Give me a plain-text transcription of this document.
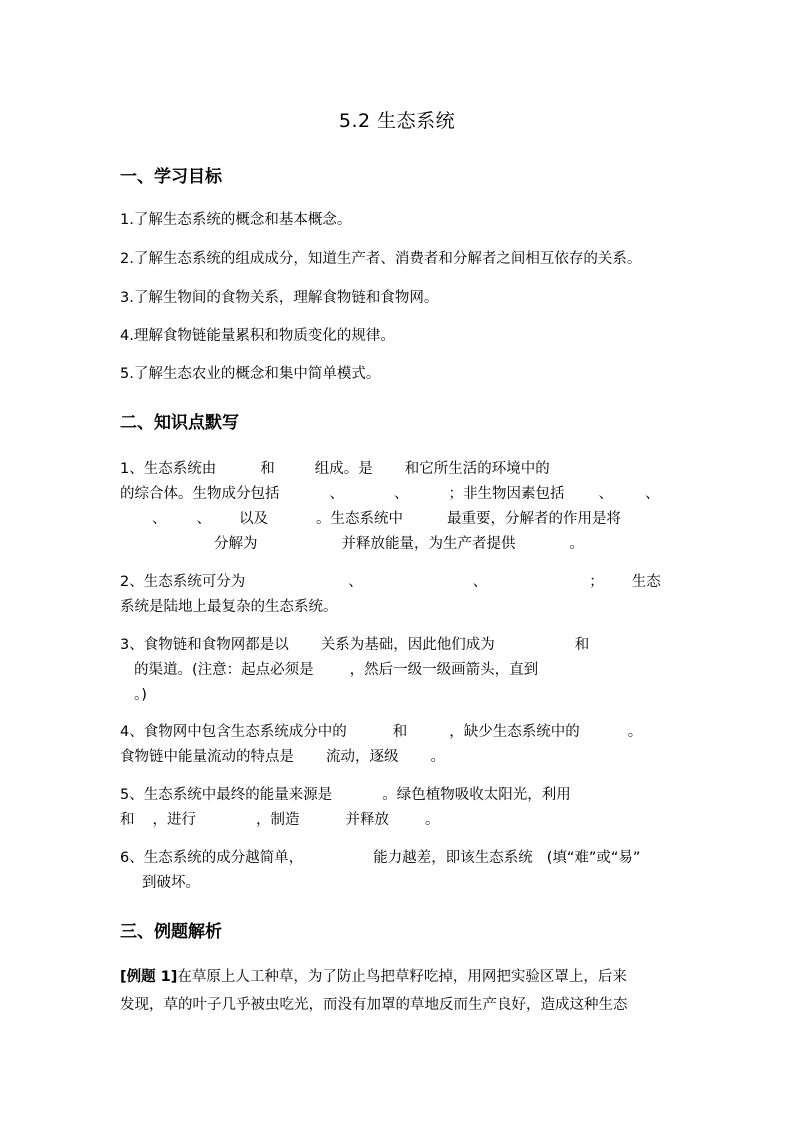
5.2 生态系统
一、学习目标
1.了解生态系统的概念和基本概念。
2.了解生态系统的组成成分，知道生产者、消费者和分解者之间相互依存的关系。
3.了解生物间的食物关系，理解食物链和食物网。
4.理解食物链能量累积和物质变化的规律。
5.了解生态农业的概念和集中简单模式。
二、知识点默写
1、生态系统由	和	组成。是 和它所生活的环境中的
的综合体。生物成分包括	、	、	；非生物因素包括 、 、
、 、 以及	。生态系统中	最重要，分解者的作用是将
分解为	并释放能量，为生产者提供	。
2、生态系统可分为	、	、	； 生态
系统是陆地上最复杂的生态系统。
3、食物链和食物网都是以 关系为基础，因此他们成为	和
的渠道。(注意：起点必须是 ，然后一级一级画箭头，直到
。)
4、食物网中包含生态系统成分中的	和	，缺少生态系统中的	。
食物链中能量流动的特点是 流动，逐级 。
5、生态系统中最终的能量来源是	。绿色植物吸收太阳光，利用
和 ，进行	，制造	并释放 。
6、生态系统的成分越简单，	能力越差，即该生态系统 (填“难”或“易”
到破坏。
三、例题解析
[例题 1]在草原上人工种草，为了防止鸟把草籽吃掉，用网把实验区罩上，后来
发现，草的叶子几乎被虫吃光，而没有加罩的草地反而生产良好，造成这种生态
